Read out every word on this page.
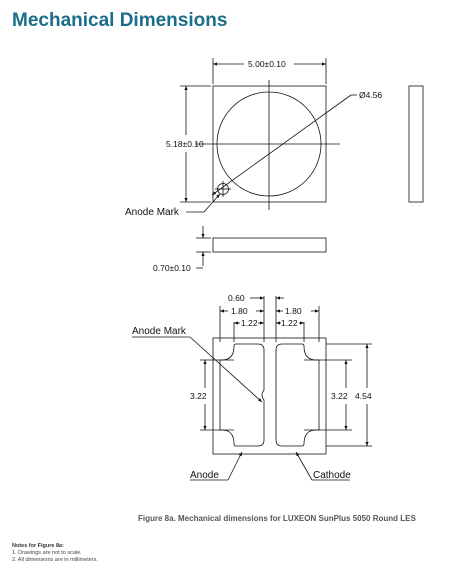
Mechanical Dimensions
5.00±0.10
5.18±0.10
Ø4.56
Anode Mark
0.70±0.10
0.60
1.80	1.80
1.22	1.22
Anode Mark
3.22	3.22 4.54
Anode	Cathode
Figure 8a. Mechanical dimensions for LUXEON SunPlus 5050 Round LES
Notes for Figure 8a:
1. Drawings are not to scale.
2. All dimensions are in millimeters.
